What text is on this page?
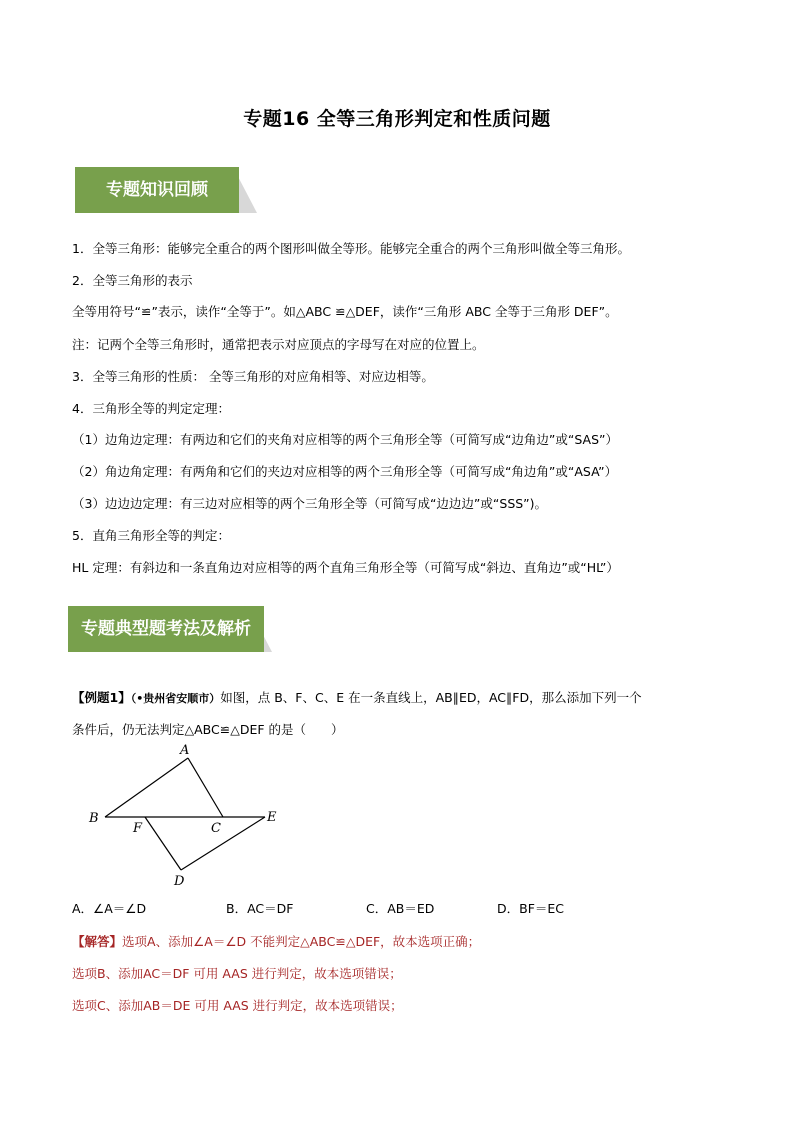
专题16 全等三角形判定和性质问题
专题知识回顾
1．全等三角形：能够完全重合的两个图形叫做全等形。能够完全重合的两个三角形叫做全等三角形。
2．全等三角形的表示
全等用符号“≌”表示，读作“全等于”。如△ABC ≌△DEF，读作“三角形 ABC 全等于三角形 DEF”。
注：记两个全等三角形时，通常把表示对应顶点的字母写在对应的位置上。
3．全等三角形的性质： 全等三角形的对应角相等、对应边相等。
4．三角形全等的判定定理：
（1）边角边定理：有两边和它们的夹角对应相等的两个三角形全等（可简写成“边角边”或“SAS”）
（2）角边角定理：有两角和它们的夹边对应相等的两个三角形全等（可简写成“角边角”或“ASA”）
（3）边边边定理：有三边对应相等的两个三角形全等（可简写成“边边边”或“SSS”)。
5．直角三角形全等的判定：
HL 定理：有斜边和一条直角边对应相等的两个直角三角形全等（可简写成“斜边、直角边”或“HL”）
专题典型题考法及解析
【例题1】（•贵州省安顺市）如图，点 B、F、C、E 在一条直线上，AB∥ED，AC∥FD，那么添加下列一个
条件后，仍无法判定△ABC≌△DEF 的是（　　）
A
B
F	C
E
D
A．∠A＝∠D	B．AC＝DF	C．AB＝ED	D．BF＝EC
【解答】选项A、添加∠A＝∠D 不能判定△ABC≌△DEF，故本选项正确；
选项B、添加AC＝DF 可用 AAS 进行判定，故本选项错误；
选项C、添加AB＝DE 可用 AAS 进行判定，故本选项错误；
